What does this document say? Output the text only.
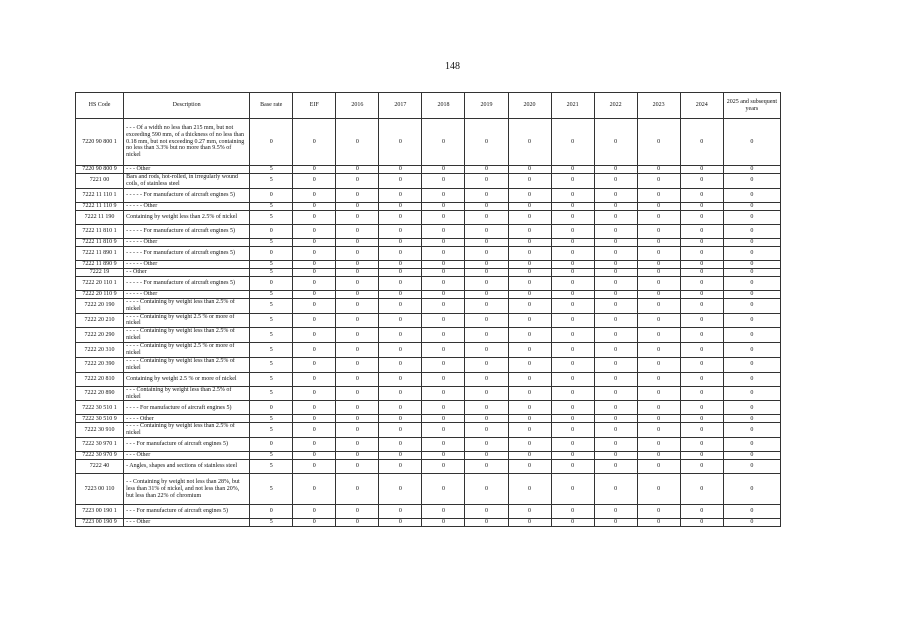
148
HS Code	Description	Base rate	EIF	2016	2017	2018	2019	2020	2021	2022	2023	2024	2025 and subsequent years
7220 90 800 1	- - - Of a width no less than 215 mm, but not exceeding 590 mm, of a thickness of no less than 0.18 mm, but not exceeding 0.27 mm, containing no less than 3.3% but no more than 9.5% of nickel	0	0	0	0	0	0	0	0	0	0	0	0
7220 90 800 9	- - - Other	5	0	0	0	0	0	0	0	0	0	0	0
7221 00	Bars and rods, hot-rolled, in irregularly wound coils, of stainless steel	5	0	0	0	0	0	0	0	0	0	0	0
7222 11 110 1	- - - - - For manufacture of aircraft engines 5)	0	0	0	0	0	0	0	0	0	0	0	0
7222 11 110 9	- - - - - Other	5	0	0	0	0	0	0	0	0	0	0	0
7222 11 190	Containing by weight less than 2.5% of nickel	5	0	0	0	0	0	0	0	0	0	0	0
7222 11 810 1	- - - - - For manufacture of aircraft engines 5)	0	0	0	0	0	0	0	0	0	0	0	0
7222 11 810 9	- - - - - Other	5	0	0	0	0	0	0	0	0	0	0	0
7222 11 890 1	- - - - - For manufacture of aircraft engines 5)	0	0	0	0	0	0	0	0	0	0	0	0
7222 11 890 9	- - - - - Other	5	0	0	0	0	0	0	0	0	0	0	0
7222 19	- - Other	5	0	0	0	0	0	0	0	0	0	0	0
7222 20 110 1	- - - - - For manufacture of aircraft engines 5)	0	0	0	0	0	0	0	0	0	0	0	0
7222 20 110 9	- - - - - Other	5	0	0	0	0	0	0	0	0	0	0	0
7222 20 190	- - - - Containing by weight less than 2.5% of nickel	5	0	0	0	0	0	0	0	0	0	0	0
7222 20 210	- - - - Containing by weight 2.5 % or more of nickel	5	0	0	0	0	0	0	0	0	0	0	0
7222 20 290	- - - - Containing by weight less than 2.5% of nickel	5	0	0	0	0	0	0	0	0	0	0	0
7222 20 310	- - - - Containing by weight 2.5 % or more of nickel	5	0	0	0	0	0	0	0	0	0	0	0
7222 20 390	- - - - Containing by weight less than 2.5% of nickel	5	0	0	0	0	0	0	0	0	0	0	0
7222 20 810	Containing by weight 2.5 % or more of nickel	5	0	0	0	0	0	0	0	0	0	0	0
7222 20 890	- - - Containing by weight less than 2.5% of nickel	5	0	0	0	0	0	0	0	0	0	0	0
7222 30 510 1	- - - - For manufacture of aircraft engines 5)	0	0	0	0	0	0	0	0	0	0	0	0
7222 30 510 9	- - - - Other	5	0	0	0	0	0	0	0	0	0	0	0
7222 30 910	- - - - Containing by weight less than 2.5% of nickel	5	0	0	0	0	0	0	0	0	0	0	0
7222 30 970 1	- - - For manufacture of aircraft engines 5)	0	0	0	0	0	0	0	0	0	0	0	0
7222 30 970 9	- - - Other	5	0	0	0	0	0	0	0	0	0	0	0
7222 40	- Angles, shapes and sections of stainless steel	5	0	0	0	0	0	0	0	0	0	0	0
7223 00 110	- - Containing by weight not less than 28%, but less than 31% of nickel, and not less than 20%, but less than 22% of chromium	5	0	0	0	0	0	0	0	0	0	0	0
7223 00 190 1	- - - For manufacture of aircraft engines 5)	0	0	0	0	0	0	0	0	0	0	0	0
7223 00 190 9	- - - Other	5	0	0	0	0	0	0	0	0	0	0	0
